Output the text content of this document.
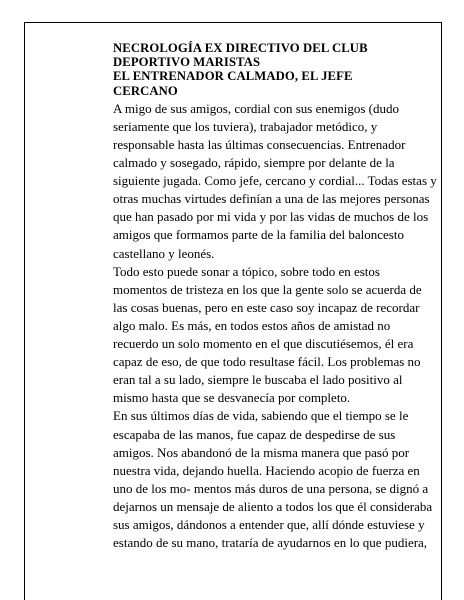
NECROLOGÍA EX DIRECTIVO DEL CLUB
DEPORTIVO MARISTAS
EL ENTRENADOR CALMADO, EL JEFE
CERCANO

A migo de sus amigos, cordial con sus enemigos (dudo seriamente que los tuviera), trabajador metódico, y responsable hasta las últimas consecuencias. Entrenador calmado y sosegado, rápido, siempre por delante de la siguiente jugada. Como jefe, cercano y cordial... Todas estas y otras muchas virtudes definían a una de las mejores personas que han pasado por mi vida y por las vidas de muchos de los amigos que formamos parte de la familia del baloncesto castellano y leonés.

Todo esto puede sonar a tópico, sobre todo en estos momentos de tristeza en los que la gente solo se acuerda de las cosas buenas, pero en este caso soy incapaz de recordar algo malo. Es más, en todos estos años de amistad no recuerdo un solo momento en el que discutiésemos, él era capaz de eso, de que todo resultase fácil. Los problemas no eran tal a su lado, siempre le buscaba el lado positivo al mismo hasta que se desvanecía por completo.

En sus últimos días de vida, sabiendo que el tiempo se le escapaba de las manos, fue capaz de despedirse de sus amigos. Nos abandonó de la misma manera que pasó por nuestra vida, dejando huella. Haciendo acopio de fuerza en uno de los mo- mentos más duros de una persona, se dignó a dejarnos un mensaje de aliento a todos los que él consideraba sus amigos, dándonos a entender que, allí dónde estuviese y estando de su mano, trataría de ayudarnos en lo que pudiera,
